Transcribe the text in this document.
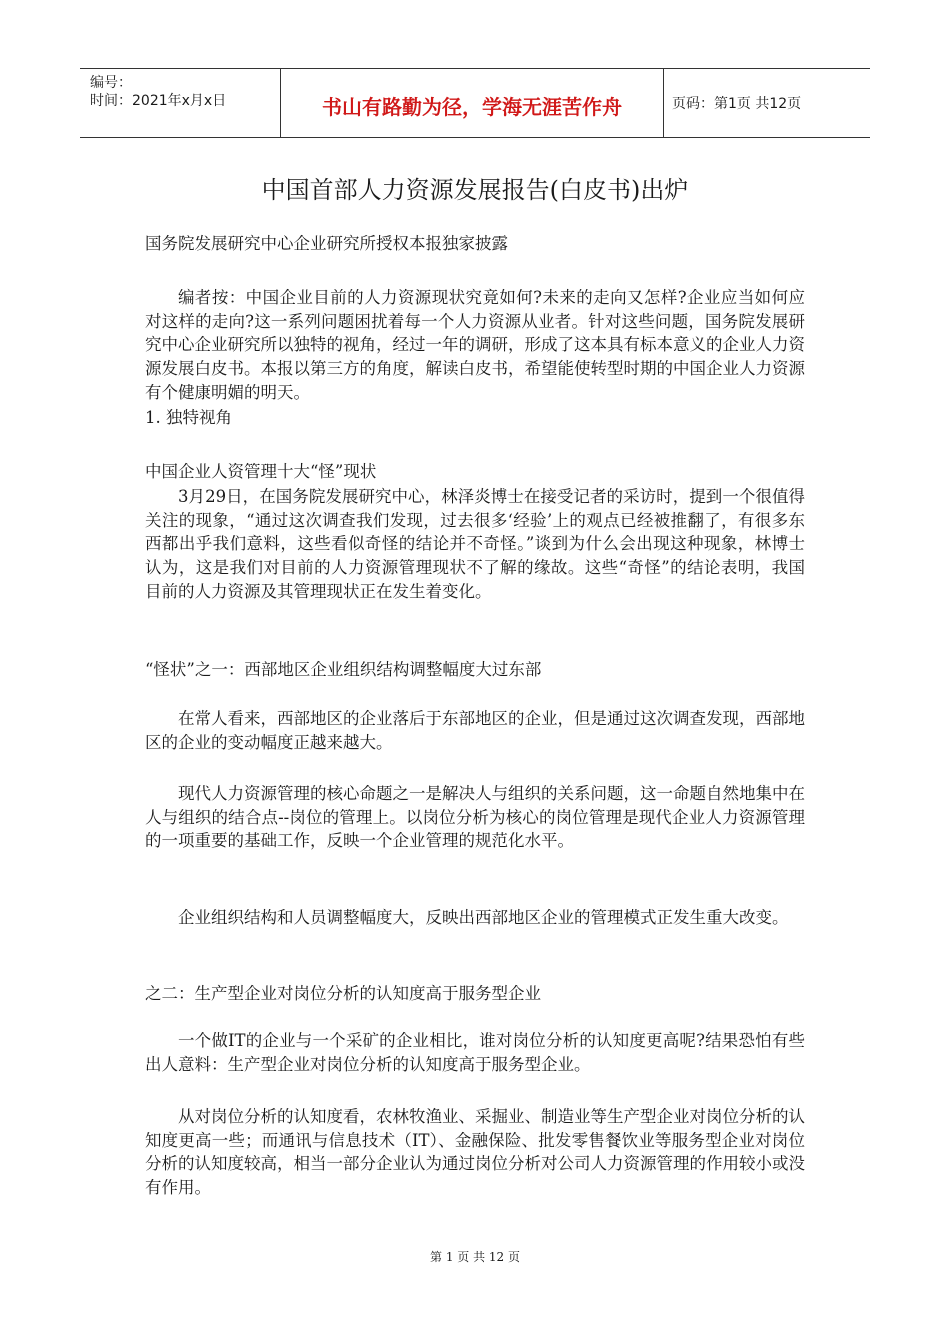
编号：
时间：2021年x月x日	书山有路勤为径，学海无涯苦作舟	页码：第1页 共12页
中国首部人力资源发展报告(白皮书)出炉

国务院发展研究中心企业研究所授权本报独家披露

编者按：中国企业目前的人力资源现状究竟如何?未来的走向又怎样?企业应当如何应对这样的走向?这一系列问题困扰着每一个人力资源从业者。针对这些问题，国务院发展研究中心企业研究所以独特的视角，经过一年的调研，形成了这本具有标本意义的企业人力资源发展白皮书。本报以第三方的角度，解读白皮书，希望能使转型时期的中国企业人力资源有个健康明媚的明天。

1. 独特视角

中国企业人资管理十大“怪”现状

3月29日，在国务院发展研究中心，林泽炎博士在接受记者的采访时，提到一个很值得关注的现象，“通过这次调查我们发现，过去很多‘经验’上的观点已经被推翻了，有很多东西都出乎我们意料，这些看似奇怪的结论并不奇怪。”谈到为什么会出现这种现象，林博士认为，这是我们对目前的人力资源管理现状不了解的缘故。这些“奇怪”的结论表明，我国目前的人力资源及其管理现状正在发生着变化。

“怪状”之一：西部地区企业组织结构调整幅度大过东部

在常人看来，西部地区的企业落后于东部地区的企业，但是通过这次调查发现，西部地区的企业的变动幅度正越来越大。

现代人力资源管理的核心命题之一是解决人与组织的关系问题，这一命题自然地集中在人与组织的结合点--岗位的管理上。以岗位分析为核心的岗位管理是现代企业人力资源管理的一项重要的基础工作，反映一个企业管理的规范化水平。

企业组织结构和人员调整幅度大，反映出西部地区企业的管理模式正发生重大改变。

之二：生产型企业对岗位分析的认知度高于服务型企业

一个做IT的企业与一个采矿的企业相比，谁对岗位分析的认知度更高呢?结果恐怕有些出人意料：生产型企业对岗位分析的认知度高于服务型企业。

从对岗位分析的认知度看，农林牧渔业、采掘业、制造业等生产型企业对岗位分析的认知度更高一些；而通讯与信息技术（IT）、金融保险、批发零售餐饮业等服务型企业对岗位分析的认知度较高，相当一部分企业认为通过岗位分析对公司人力资源管理的作用较小或没有作用。

第 1 页 共 12 页
